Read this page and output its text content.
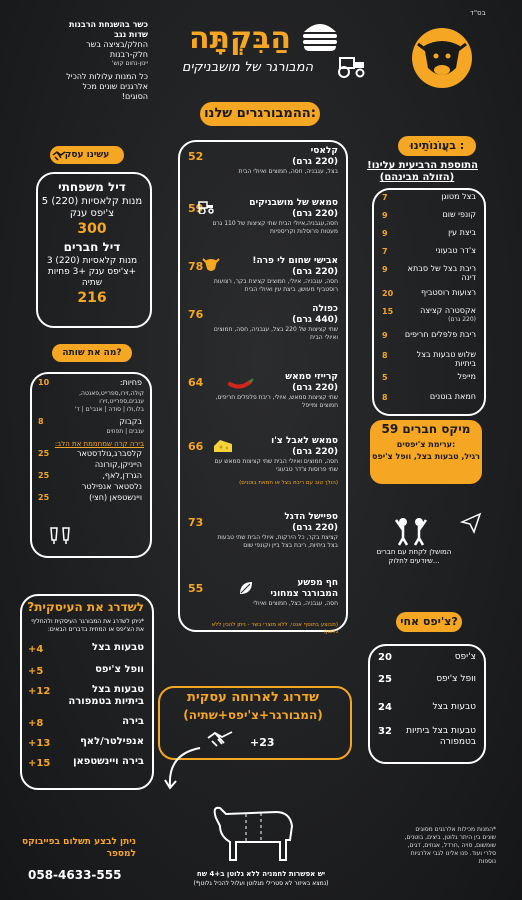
בס"ד
הַבִּקְתָּה
המבורגר של מושבניקים
כשר בהשגחת הרבנות
שדות נגב
החלק/בציצה בשר
חלק-רבנות
יינון-נחום קוש'
כל המנות עלולות להכיל
אלרגנים שונים מכל
הסוגים!
ההמבורגרים שלנו:
52	קלאסי
(220 גרם)
בצל, עגבניה, חסה, חמוצים ואיולי הבית
59	סמאש של מושבניקים
(220 גרם)
חסה,עגבניה,איולי הבית שתי קציצות של 110 גרם מעטות פרוסלות וקריספיות
78	אבישי שחום לי פרה!
(220 גרם)
חסה, עגבניה, איולי, חמוצים קציצת בקר, רצועות רוסטביף מעושן, ביצת עין ואיולי הבית
76	כפולה
(440 גרם)
שתי קציצות של 220 בצל, עגבניה, חסה, חמוצים ואיולי הבית
64	קרייזי סמאש
(220 גרם)
שתי קציצות סמאש, איולי, ריבת פלפלים חריפים, חמוצים ומייפל
66	סמאש לאבל צ'ו
(220 גרם)
חסה, חמוצים ואיולי הבית שתי קציצות סמאש עם שתי פרוסות צ'דר טבעוני
(הולך טוב עם ריבת בצל או חמאת בוטנים)
73	ספיישל הדגל
(220 גרם)
קציצת בקר, כל הירקות, איולי הבית שתי טבעות בצל ביתיות, ריבת בצל ביין וקונפי שום
55	חף מפשע
המבורגר צמחוני
חסה, עגבניה, בצל, חמוצים ואיולי
(מבוצע בתוסף אנטי, ללא מוצרי בשר - ניתן להכין ללא גלוטן)
בעֲוֹנוֹתֵינוּ :
התוספת הרביעית עלינו!
(הזולה מבינהם)
7	בצל מטוגן
9	קונפי שום
9	ביצת עין
7	צ'דר טבעוני
9	ריבת בצל של סבתא דינה
20	רצועות רוסטביף
15	אקסטרה קציצה
(220 גרם)
9	ריבת פלפלים חריפים
8	שלוש טבעות בצל ביתיות
5	מייפל
8	חמאת בוטנים
מיקס חברים 59
ערימת צ'יפסים:
רגיל, טבעות בצל, וופל צ'יפס
המושלן לקחת עם חברים שיודעים לחלוק...
צ'יפס אחי?
20	צ'יפס
25	וופל צ'יפס
24	טבעות בצל
32 טבעות בצל ביתיות בטמפורה
עשינו עסק
דיל משפחתי
5 מנות קלאסיות (220) צ'יפס ענק
300
דיל חברים
3 מנות קלאסיות (220) +צ'יפס ענק +3 פחיות שתיה
216
מה את שותה?
10	פחיות:
קולה,זירו,ספרייט,פאנטה,
ענבים,ספרייט,זירו
בלו,ולו | סודה | אנבי'ם | ד'
8	בקבוק
ענבים | תפוזים
בירה קרה שמחממת את הלב:
25	קלסברג,גולדסטאר
הייניקן,קורונה
25	הגרדן,לאף,
נלסטאר אנפילטר
25	ויינשטפאן (חצי)
לשדרג את העיסקית?
*ניתן לשדרג את המבורגר העיסקית ולהחליף את הצ'יפס או המחית בדברים הבאים:
+4	טבעות בצל
+5	וופל צ'יפס
+12	טבעות בצל ביתיות בטמפורה
+8	בירה
+13	אנפילטר/לאף
+15	בירה ויינשטפאן
שדרוג לארוחה עסקית
(המבורגר+צ'יפס+שתיה)
+23
ניתן לבצע תשלום בפייבוקס למספר
058-4633-555
*המנות מכילות אלרגנים מסוגים שונים בין היתר גלוטן, ביצים, בוטנים, שומשום, סויה ,חרדל, אגוזים, דגים, סלרי ועוד. פנו אלינו לגבי אלרגיות נוספות
יש אפשרות לחמניה ללא גלוטן ב+4 שח
(*נמצא באיזור לא סטרילי מגלוטן ועלול להכיל גלוטן)
